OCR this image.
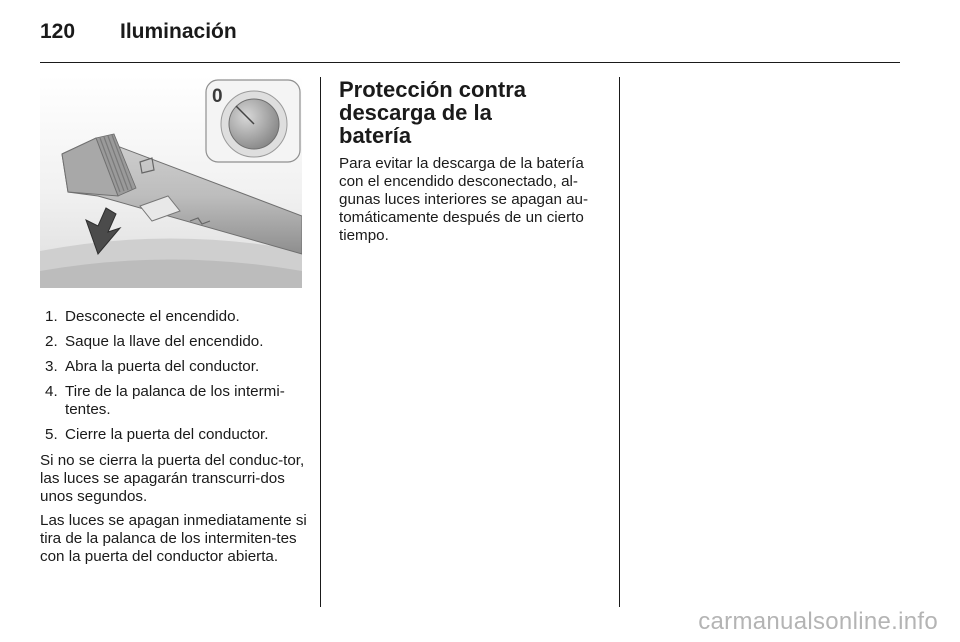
120 Iluminación
0
1. Desconecte el encendido.
2. Saque la llave del encendido.
3. Abra la puerta del conductor.
4. Tire de la palanca de los intermi-tentes.
5. Cierre la puerta del conductor.

Si no se cierra la puerta del conduc-tor, las luces se apagarán transcurri-dos unos segundos.

Las luces se apagan inmediatamente si tira de la palanca de los intermiten-tes con la puerta del conductor abierta.

Protección contra descarga de la batería

Para evitar la descarga de la batería con el encendido desconectado, al-gunas luces interiores se apagan au-tomáticamente después de un cierto tiempo.

carmanualsonline.info
